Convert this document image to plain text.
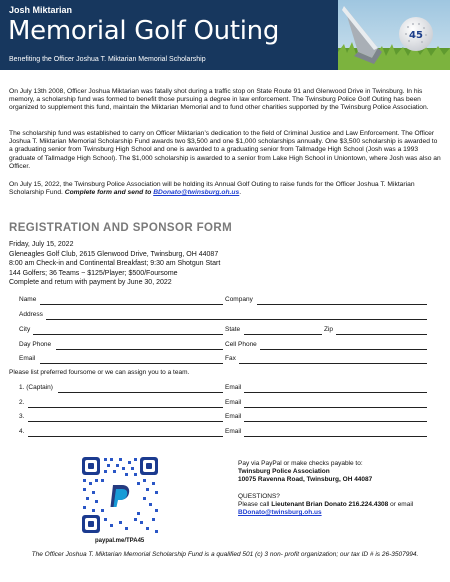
Josh Miktarian
Memorial Golf Outing
Benefiting the Officer Joshua T. Miktarian Memorial Scholarship
45
On July 13th 2008, Officer Joshua Miktarian was fatally shot during a traffic stop on State Route 91 and Glenwood Drive in Twinsburg. In his memory, a scholarship fund was formed to benefit those pursuing a degree in law enforcement. The Twinsburg Police Golf Outing has been organized to supplement this fund, maintain the Miktarian Memorial and to fund other charities supported by the Twinsburg Police Association.
The scholarship fund was established to carry on Officer Miktarian’s dedication to the field of Criminal Justice and Law Enforcement. The Officer Joshua T. Miktarian Memorial Scholarship Fund awards two $3,500 and one $1,000 scholarships annually. One $3,500 scholarship is awarded to a graduating senior from Twinsburg High School and one is awarded to a graduating senior from Tallmadge High School (Josh was a 1993 graduate of Tallmadge High School). The $1,000 scholarship is awarded to a senior from Lake High School in Uniontown, where Josh was also an Officer.
On July 15, 2022, the Twinsburg Police Association will be holding its Annual Golf Outing to raise funds for the Officer Joshua T. Miktarian Scholarship Fund. Complete form and send to BDonato@twinsburg.oh.us.
REGISTRATION AND SPONSOR FORM
Friday, July 15, 2022
Gleneagles Golf Club, 2615 Glenwood Drive, Twinsburg, OH 44087
8:00 am Check-in and Continental Breakfast; 9:30 am Shotgun Start
144 Golfers; 36 Teams ~ $125/Player; $500/Foursome
Complete and return with payment by June 30, 2022
Name	Company
Address
City	State	Zip
Day Phone	Cell Phone
Email	Fax
Please list preferred foursome or we can assign you to a team.
1. (Captain)	Email
2.	Email
3.	Email
4.	Email
paypal.me/TPA45
Pay via PayPal or make checks payable to:
Twinsburg Police Association
10075 Ravenna Road, Twinsburg, OH 44087
QUESTIONS?
Please call Lieutenant Brian Donato 216.224.4308 or email
BDonato@twinsburg.oh.us
The Officer Joshua T. Miktarian Memorial Scholarship Fund is a qualified 501 (c) 3 non- profit organization; our tax ID # is 26-3507994.
